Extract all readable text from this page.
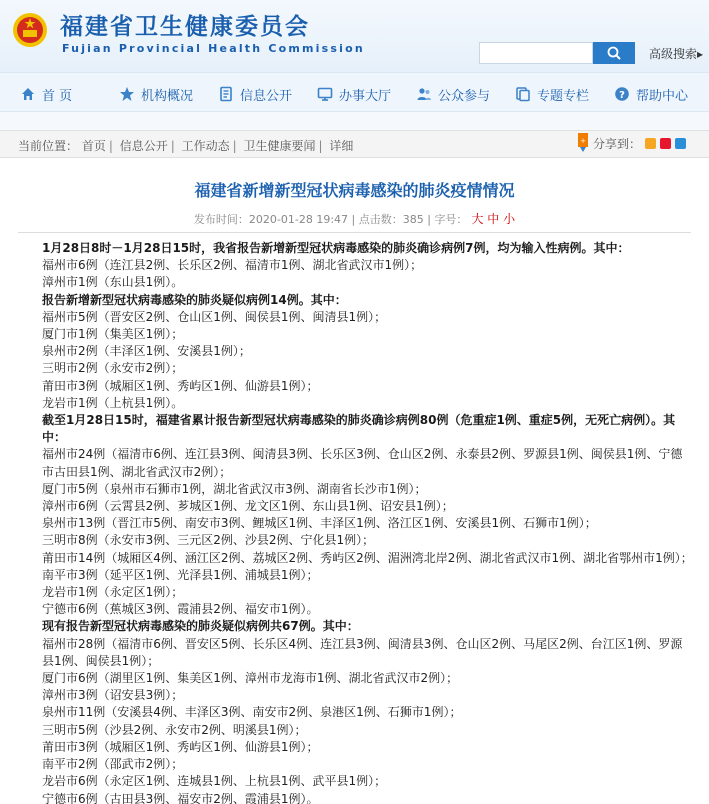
福建省卫生健康委员会
Fujian Provincial Health Commission	高级搜索▸
首 页	机构概况	信息公开	办事大厅	公众参与	专题专栏	? 帮助中心
当前位置： 首页 | 信息公开 | 工作动态 | 卫生健康要闻 | 详细	+ 分享到：
福建省新增新型冠状病毒感染的肺炎疫情情况
发布时间：2020-01-28 19:47 | 点击数：385 | 字号： 大 中 小

1月28日8时－1月28日15时，我省报告新增新型冠状病毒感染的肺炎确诊病例7例，均为输入性病例。其中：

福州市6例（连江县2例、长乐区2例、福清市1例、湖北省武汉市1例）；

漳州市1例（东山县1例）。

报告新增新型冠状病毒感染的肺炎疑似病例14例。其中：

福州市5例（晋安区2例、仓山区1例、闽侯县1例、闽清县1例）；

厦门市1例（集美区1例）；

泉州市2例（丰泽区1例、安溪县1例）；

三明市2例（永安市2例）；

莆田市3例（城厢区1例、秀屿区1例、仙游县1例）；

龙岩市1例（上杭县1例）。

截至1月28日15时，福建省累计报告新型冠状病毒感染的肺炎确诊病例80例（危重症1例、重症5例，无死亡病例）。其中：

福州市24例（福清市6例、连江县3例、闽清县3例、长乐区3例、仓山区2例、永泰县2例、罗源县1例、闽侯县1例、宁德市古田县1例、湖北省武汉市2例）；

厦门市5例（泉州市石狮市1例，湖北省武汉市3例、湖南省长沙市1例）；

漳州市6例（云霄县2例、芗城区1例、龙文区1例、东山县1例、诏安县1例）；

泉州市13例（晋江市5例、南安市3例、鲤城区1例、丰泽区1例、洛江区1例、安溪县1例、石狮市1例）；

三明市8例（永安市3例、三元区2例、沙县2例、宁化县1例）；

莆田市14例（城厢区4例、涵江区2例、荔城区2例、秀屿区2例、湄洲湾北岸2例、湖北省武汉市1例、湖北省鄂州市1例）；

南平市3例（延平区1例、光泽县1例、浦城县1例）；

龙岩市1例（永定区1例）；

宁德市6例（蕉城区3例、霞浦县2例、福安市1例）。

现有报告新型冠状病毒感染的肺炎疑似病例共67例。其中：

福州市28例（福清市6例、晋安区5例、长乐区4例、连江县3例、闽清县3例、仓山区2例、马尾区2例、台江区1例、罗源县1例、闽侯县1例）；

厦门市6例（湖里区1例、集美区1例、漳州市龙海市1例、湖北省武汉市2例）；

漳州市3例（诏安县3例）；

泉州市11例（安溪县4例、丰泽区3例、南安市2例、泉港区1例、石狮市1例）；

三明市5例（沙县2例、永安市2例、明溪县1例）；

莆田市3例（城厢区1例、秀屿区1例、仙游县1例）；

南平市2例（邵武市2例）；

龙岩市6例（永定区1例、连城县1例、上杭县1例、武平县1例）；

宁德市6例（古田县3例、福安市2例、霞浦县1例）。
